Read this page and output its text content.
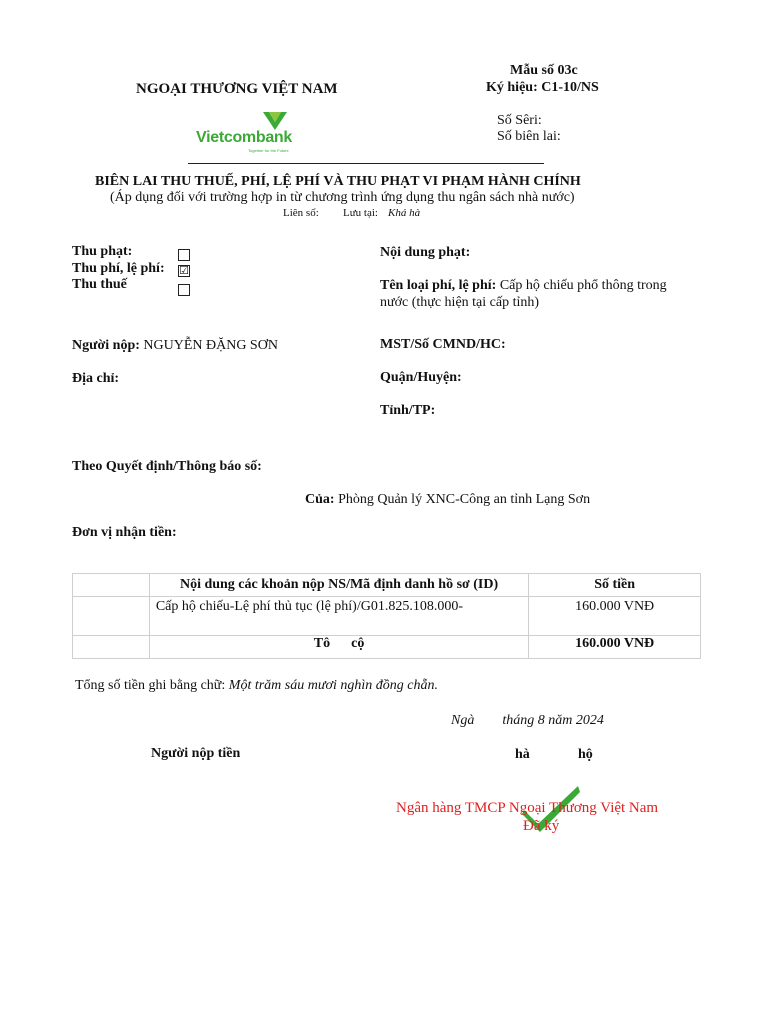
NGOẠI THƯƠNG VIỆT NAM
Mẫu số 03c
Ký hiệu: C1-10/NS
Số Sêri:
Số biên lai:
Vietcombank
Together for the Future
BIÊN LAI THU THUẾ, PHÍ, LỆ PHÍ VÀ THU PHẠT VI PHẠM HÀNH CHÍNH
(Áp dụng đối với trường hợp in từ chương trình ứng dụng thu ngân sách nhà nước)
Liên số: Lưu tại: Khá hà
Thu phạt:
Thu phí, lệ phí: ☑
Thu thuế
Nội dung phạt:
Tên loại phí, lệ phí: Cấp hộ chiếu phổ thông trong
nước (thực hiện tại cấp tỉnh)
MST/Số CMND/HC:
Quận/Huyện:
Tỉnh/TP:
Người nộp: NGUYỄN ĐẶNG SƠN
Địa chỉ:
Theo Quyết định/Thông báo số:
Của: Phòng Quản lý XNC-Công an tỉnh Lạng Sơn
Đơn vị nhận tiền:
	Nội dung các khoản nộp NS/Mã định danh hồ sơ (ID)	Số tiền
	Cấp hộ chiếu-Lệ phí thủ tục (lệ phí)/G01.825.108.000-	160.000 VNĐ
	Tô      cộ	160.000 VNĐ
Tổng số tiền ghi bằng chữ: Một trăm sáu mươi nghìn đồng chẵn.
Ngà        tháng 8 năm 2024
Người nộp tiền	hà	hộ
Ngân hàng TMCP Ngoại Thương Việt Nam
Đã ký
